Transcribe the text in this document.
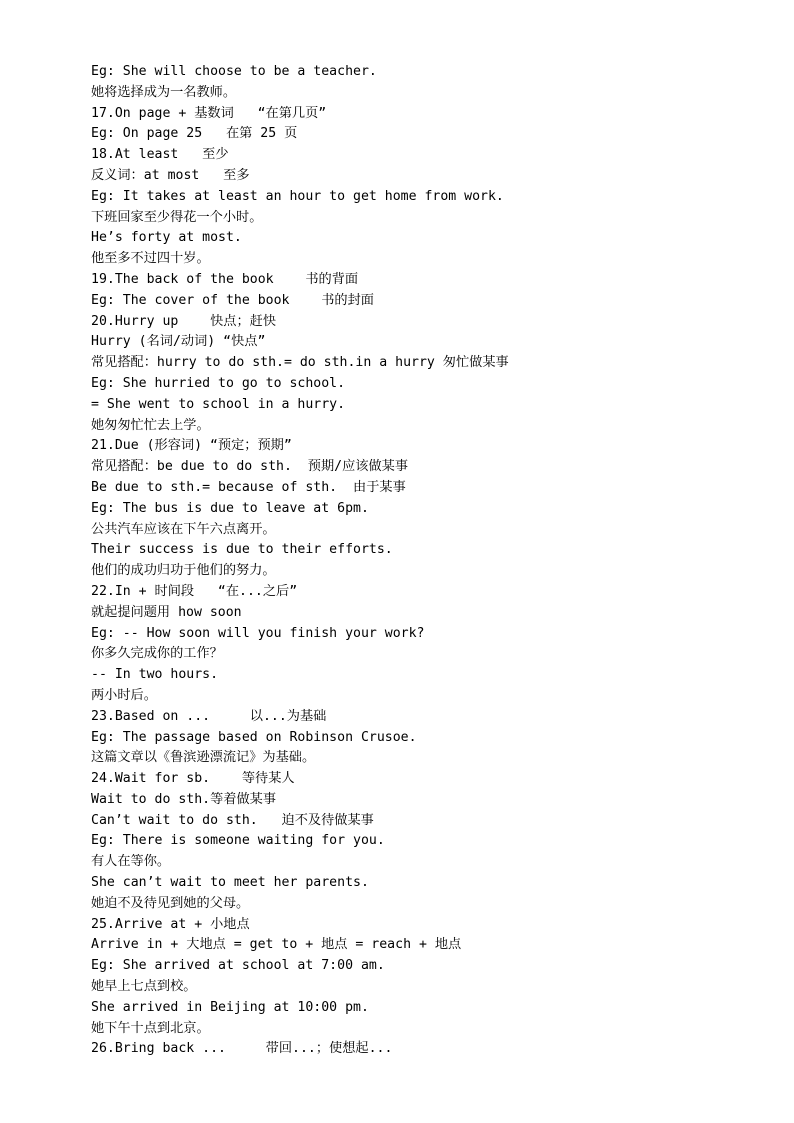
Eg: She will choose to be a teacher.
她将选择成为一名教师。
17.On page + 基数词   “在第几页”
Eg: On page 25   在第 25 页
18.At least   至少
反义词：at most   至多
Eg: It takes at least an hour to get home from work.
下班回家至少得花一个小时。
He’s forty at most.
他至多不过四十岁。
19.The back of the book    书的背面
Eg: The cover of the book    书的封面
20.Hurry up    快点；赶快
Hurry (名词/动词) “快点”
常见搭配：hurry to do sth.= do sth.in a hurry 匆忙做某事
Eg: She hurried to go to school.
= She went to school in a hurry.
她匆匆忙忙去上学。
21.Due (形容词) “预定；预期”
常见搭配：be due to do sth.  预期/应该做某事
Be due to sth.= because of sth.  由于某事
Eg: The bus is due to leave at 6pm.
公共汽车应该在下午六点离开。
Their success is due to their efforts.
他们的成功归功于他们的努力。
22.In + 时间段   “在...之后”
就起提问题用 how soon
Eg: -- How soon will you finish your work?
你多久完成你的工作？
-- In two hours.
两小时后。
23.Based on ...     以...为基础
Eg: The passage based on Robinson Crusoe.
这篇文章以《鲁滨逊漂流记》为基础。
24.Wait for sb.    等待某人
Wait to do sth.等着做某事
Can’t wait to do sth.   迫不及待做某事
Eg: There is someone waiting for you.
有人在等你。
She can’t wait to meet her parents.
她迫不及待见到她的父母。
25.Arrive at + 小地点
Arrive in + 大地点 = get to + 地点 = reach + 地点
Eg: She arrived at school at 7:00 am.
她早上七点到校。
She arrived in Beijing at 10:00 pm.
她下午十点到北京。
26.Bring back ...     带回...；使想起...
